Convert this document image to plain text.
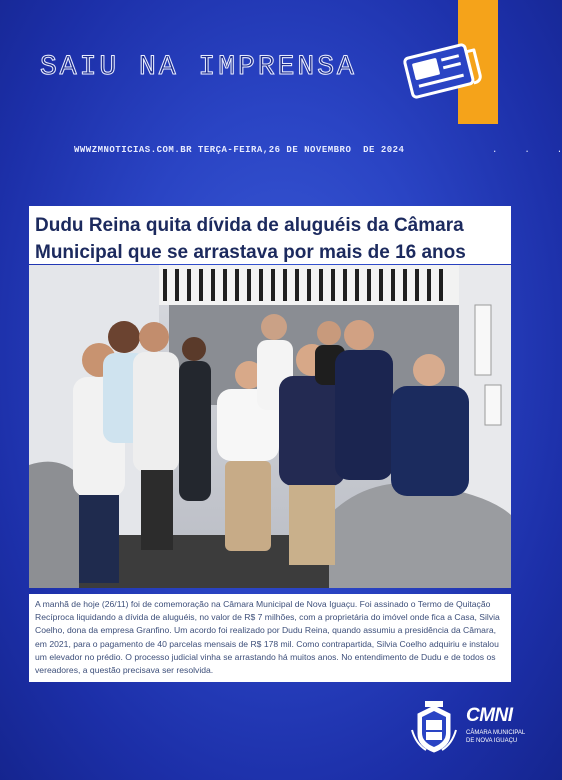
SAIU NA IMPRENSA
WWWZMNOTICIAS.COM.BR TERÇA-FEIRA,26 DE NOVEMBRO  DE 2024	.     .     .
Dudu Reina quita dívida de aluguéis da Câmara Municipal que se arrastava por mais de 16 anos
A manhã de hoje (26/11) foi de comemoração na Câmara Municipal de Nova Iguaçu. Foi assinado o Termo de Quitação Recíproca liquidando a dívida de aluguéis, no valor de R$ 7 milhões, com a proprietária do imóvel onde fica a Casa, Silvia Coelho, dona da empresa Granfino. Um acordo foi realizado por Dudu Reina, quando assumiu a presidência da Câmara, em 2021, para o pagamento de 40 parcelas mensais de R$ 178 mil. Como contrapartida, Silvia Coelho adquiriu e instalou um elevador no prédio. O processo judicial vinha se arrastando há muitos anos. No entendimento de Dudu e de todos os vereadores, a questão precisava ser resolvida.
CMNI
CÂMARA MUNICIPAL
DE NOVA IGUAÇU
